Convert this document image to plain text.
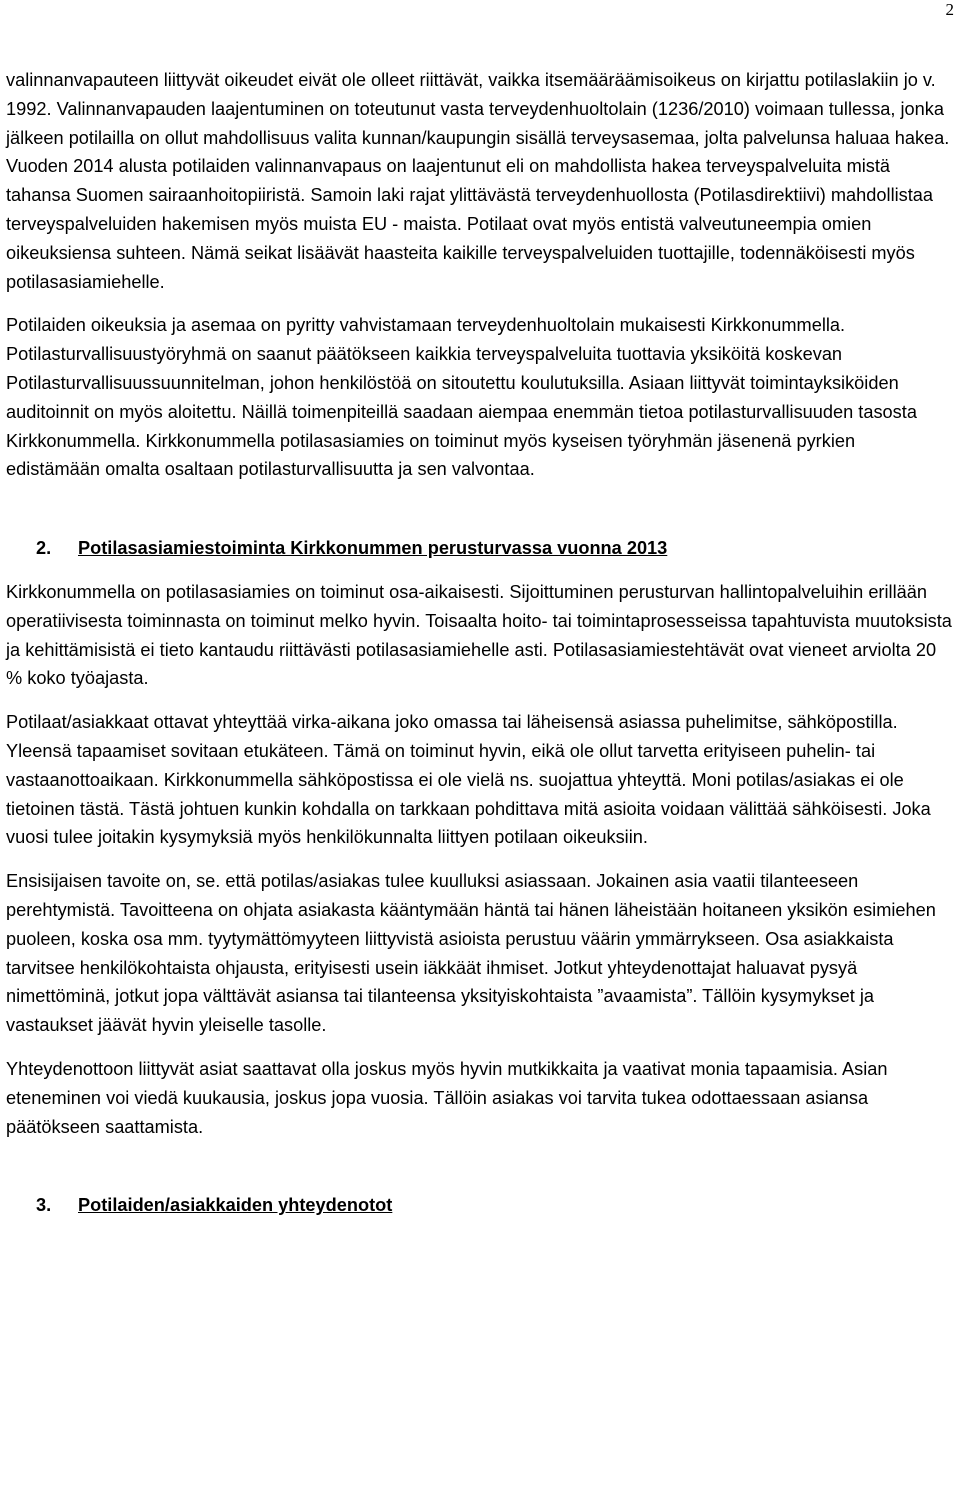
2

valinnanvapauteen liittyvät oikeudet eivät ole olleet riittävät, vaikka itsemääräämisoikeus on kirjattu potilaslakiin jo v. 1992. Valinnanvapauden laajentuminen on toteutunut vasta terveydenhuoltolain (1236/2010) voimaan tullessa, jonka jälkeen potilailla on ollut mahdollisuus valita kunnan/kaupungin sisällä terveysasemaa, jolta palvelunsa haluaa hakea. Vuoden 2014 alusta potilaiden valinnanvapaus on laajentunut eli on mahdollista hakea terveyspalveluita mistä tahansa Suomen sairaanhoitopiiristä. Samoin laki rajat ylittävästä terveydenhuollosta (Potilasdirektiivi) mahdollistaa terveyspalveluiden hakemisen myös muista EU - maista. Potilaat ovat myös entistä valveutuneempia omien oikeuksiensa suhteen. Nämä seikat lisäävät haasteita kaikille terveyspalveluiden tuottajille, todennäköisesti myös potilasasiamiehelle.

Potilaiden oikeuksia ja asemaa on pyritty vahvistamaan terveydenhuoltolain mukaisesti Kirkkonummella. Potilasturvallisuustyöryhmä on saanut päätökseen kaikkia terveyspalveluita tuottavia yksiköitä koskevan Potilasturvallisuussuunnitelman, johon henkilöstöä on sitoutettu koulutuksilla. Asiaan liittyvät toimintayksiköiden auditoinnit on myös aloitettu. Näillä toimenpiteillä saadaan aiempaa enemmän tietoa potilasturvallisuuden tasosta Kirkkonummella. Kirkkonummella potilasasiamies on toiminut myös kyseisen työryhmän jäsenenä pyrkien edistämään omalta osaltaan potilasturvallisuutta ja sen valvontaa.

2.	Potilasasiamiestoiminta Kirkkonummen perusturvassa vuonna 2013

Kirkkonummella on potilasasiamies on toiminut osa-aikaisesti. Sijoittuminen perusturvan hallintopalveluihin erillään operatiivisesta toiminnasta on toiminut melko hyvin. Toisaalta hoito- tai toimintaprosesseissa tapahtuvista muutoksista ja kehittämisistä ei tieto kantaudu riittävästi potilasasiamiehelle asti. Potilasasiamiestehtävät ovat vieneet arviolta 20 % koko työajasta.

Potilaat/asiakkaat ottavat yhteyttää virka-aikana joko omassa tai läheisensä asiassa puhelimitse, sähköpostilla. Yleensä tapaamiset sovitaan etukäteen. Tämä on toiminut hyvin, eikä ole ollut tarvetta erityiseen puhelin- tai vastaanottoaikaan. Kirkkonummella sähköpostissa ei ole vielä ns. suojattua yhteyttä. Moni potilas/asiakas ei ole tietoinen tästä. Tästä johtuen kunkin kohdalla on tarkkaan pohdittava mitä asioita voidaan välittää sähköisesti. Joka vuosi tulee joitakin kysymyksiä myös henkilökunnalta liittyen potilaan oikeuksiin.

Ensisijaisen tavoite on, se. että potilas/asiakas tulee kuulluksi asiassaan. Jokainen asia vaatii tilanteeseen perehtymistä. Tavoitteena on ohjata asiakasta kääntymään häntä tai hänen läheistään hoitaneen yksikön esimiehen puoleen, koska osa mm. tyytymättömyyteen liittyvistä asioista perustuu väärin ymmärrykseen. Osa asiakkaista tarvitsee henkilökohtaista ohjausta, erityisesti usein iäkkäät ihmiset. Jotkut yhteydenottajat haluavat pysyä nimettöminä, jotkut jopa välttävät asiansa tai tilanteensa yksityiskohtaista ”avaamista”. Tällöin kysymykset ja vastaukset jäävät hyvin yleiselle tasolle.

Yhteydenottoon liittyvät asiat saattavat olla joskus myös hyvin mutkikkaita ja vaativat monia tapaamisia. Asian eteneminen voi viedä kuukausia, joskus jopa vuosia. Tällöin asiakas voi tarvita tukea odottaessaan asiansa päätökseen saattamista.

3.	Potilaiden/asiakkaiden yhteydenotot
